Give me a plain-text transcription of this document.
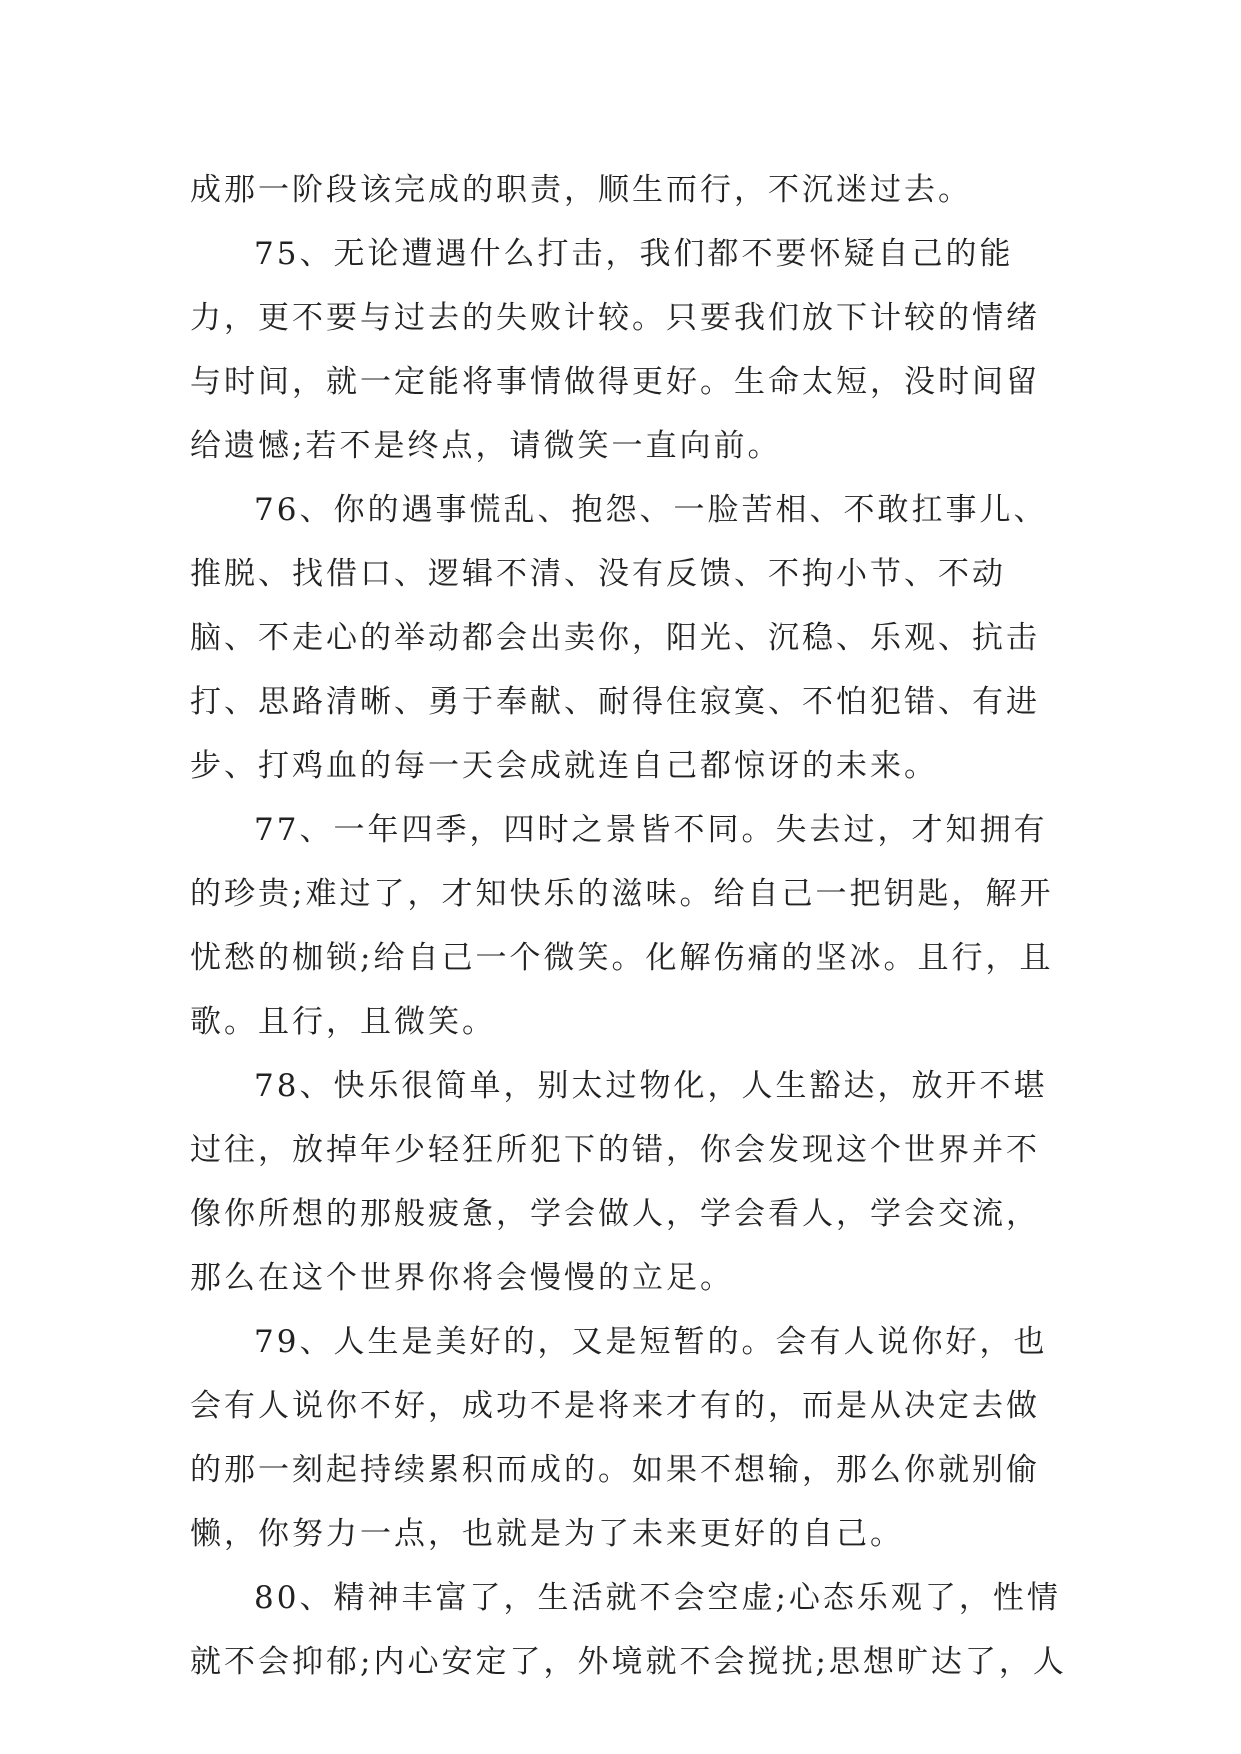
成那一阶段该完成的职责，顺生而行，不沉迷过去。

75、无论遭遇什么打击，我们都不要怀疑自己的能力，更不要与过去的失败计较。只要我们放下计较的情绪与时间，就一定能将事情做得更好。生命太短，没时间留给遗憾;若不是终点，请微笑一直向前。

76、你的遇事慌乱、抱怨、一脸苦相、不敢扛事儿、推脱、找借口、逻辑不清、没有反馈、不拘小节、不动脑、不走心的举动都会出卖你，阳光、沉稳、乐观、抗击打、思路清晰、勇于奉献、耐得住寂寞、不怕犯错、有进步、打鸡血的每一天会成就连自己都惊讶的未来。

77、一年四季，四时之景皆不同。失去过，才知拥有的珍贵;难过了，才知快乐的滋味。给自己一把钥匙，解开忧愁的枷锁;给自己一个微笑。化解伤痛的坚冰。且行，且歌。且行，且微笑。

78、快乐很简单，别太过物化，人生豁达，放开不堪过往，放掉年少轻狂所犯下的错，你会发现这个世界并不像你所想的那般疲惫，学会做人，学会看人，学会交流，那么在这个世界你将会慢慢的立足。

79、人生是美好的，又是短暂的。会有人说你好，也会有人说你不好，成功不是将来才有的，而是从决定去做的那一刻起持续累积而成的。如果不想输，那么你就别偷懒，你努力一点，也就是为了未来更好的自己。

80、精神丰富了，生活就不会空虚;心态乐观了，性情就不会抑郁;内心安定了，外境就不会搅扰;思想旷达了，人
